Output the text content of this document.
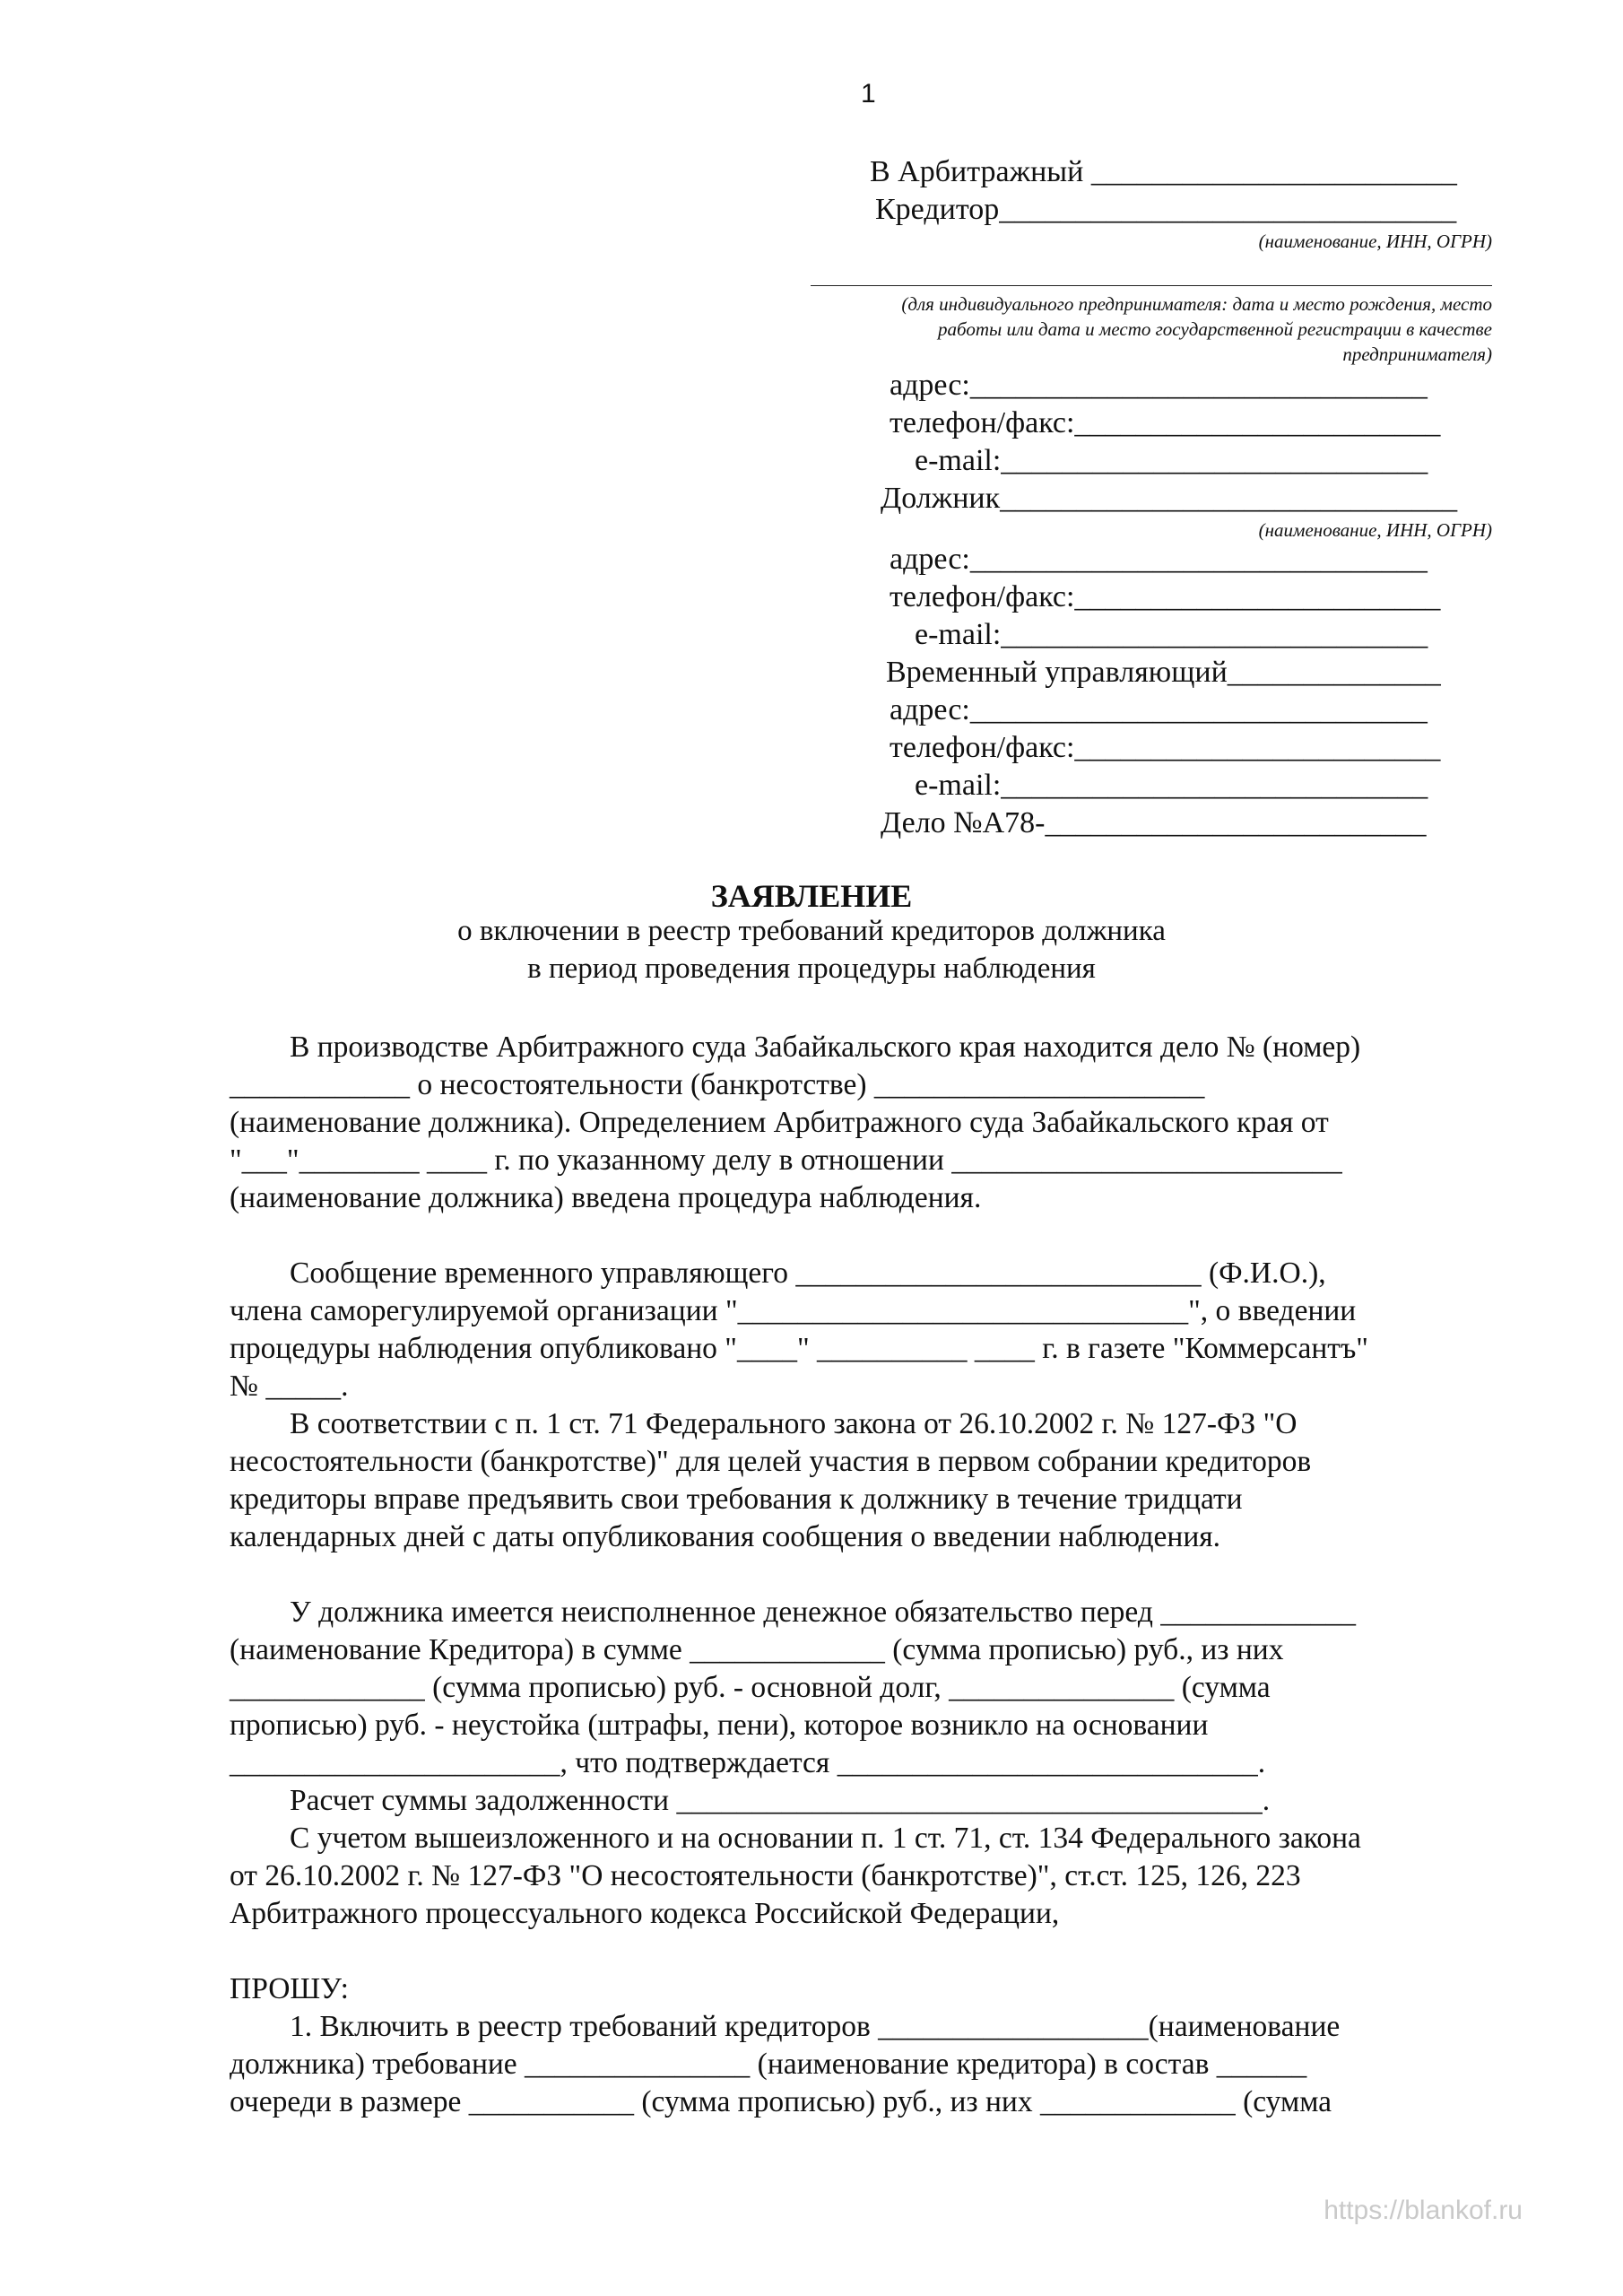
1
В Арбитражный ________________________
Кредитор______________________________
(наименование, ИНН, ОГРН)
(для индивидуального предпринимателя: дата и место рождения, место
работы или дата и место государственной регистрации в качестве
предпринимателя)
адрес:______________________________
телефон/факс:________________________
e-mail:____________________________
Должник______________________________
(наименование, ИНН, ОГРН)
адрес:______________________________
телефон/факс:________________________
e-mail:____________________________
Временный управляющий______________
адрес:______________________________
телефон/факс:________________________
e-mail:____________________________
Дело №А78-_________________________
ЗАЯВЛЕНИЕ
о включении в реестр требований кредиторов должника
в период проведения процедуры наблюдения
В производстве Арбитражного суда Забайкальского края находится дело № (номер)
____________ о несостоятельности (банкротстве) ______________________
(наименование должника). Определением Арбитражного суда Забайкальского края от
"___"________ ____ г. по указанному делу в отношении __________________________
(наименование должника) введена процедура наблюдения.
Сообщение временного управляющего ___________________________ (Ф.И.О.),
члена саморегулируемой организации "______________________________", о введении
процедуры наблюдения опубликовано "____" __________ ____ г. в газете "Коммерсантъ"
№ _____.
В соответствии с п. 1 ст. 71 Федерального закона от 26.10.2002 г. № 127-ФЗ "О
несостоятельности (банкротстве)" для целей участия в первом собрании кредиторов
кредиторы вправе предъявить свои требования к должнику в течение тридцати
календарных дней с даты опубликования сообщения о введении наблюдения.
У должника имеется неисполненное денежное обязательство перед _____________
(наименование Кредитора) в сумме _____________ (сумма прописью) руб., из них
_____________ (сумма прописью) руб. - основной долг, _______________ (сумма
прописью) руб. - неустойка (штрафы, пени), которое возникло на основании
______________________, что подтверждается ____________________________.
Расчет суммы задолженности _______________________________________.
С учетом вышеизложенного и на основании п. 1 ст. 71, ст. 134 Федерального закона
от 26.10.2002 г. № 127-ФЗ "О несостоятельности (банкротстве)", ст.ст. 125, 126, 223
Арбитражного процессуального кодекса Российской Федерации,
ПРОШУ:
1. Включить в реестр требований кредиторов __________________(наименование
должника) требование _______________ (наименование кредитора) в состав ______
очереди в размере ___________ (сумма прописью) руб., из них _____________ (сумма
https://blankof.ru
